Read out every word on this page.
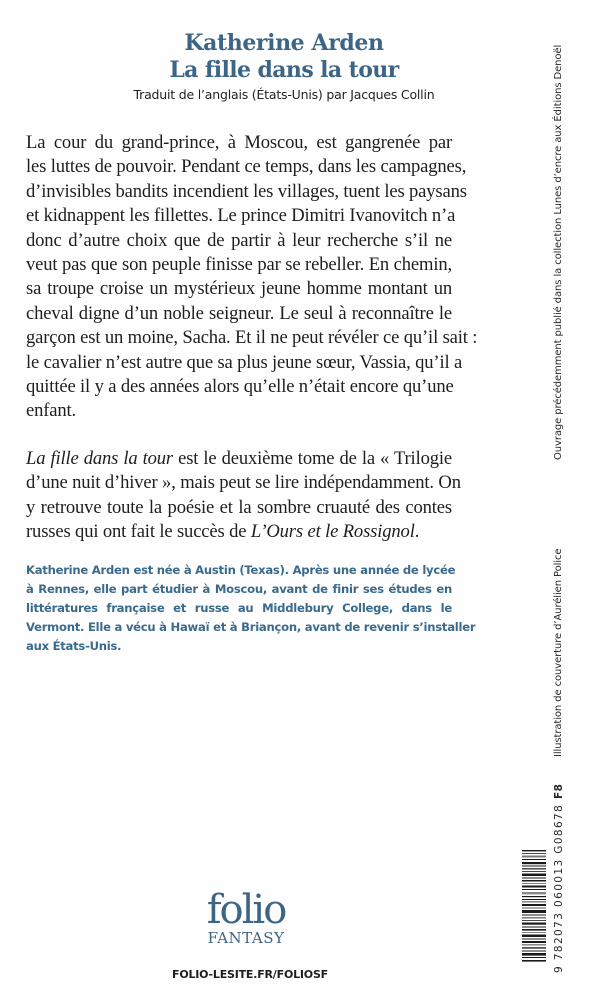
Katherine Arden
La fille dans la tour
Traduit de l’anglais (États-Unis) par Jacques Collin

La cour du grand-prince, à Moscou, est gangrenée par
les luttes de pouvoir. Pendant ce temps, dans les campagnes,
d’invisibles bandits incendient les villages, tuent les paysans
et kidnappent les fillettes. Le prince Dimitri Ivanovitch n’a
donc d’autre choix que de partir à leur recherche s’il ne
veut pas que son peuple finisse par se rebeller. En chemin,
sa troupe croise un mystérieux jeune homme montant un
cheval digne d’un noble seigneur. Le seul à reconnaître le
garçon est un moine, Sacha. Et il ne peut révéler ce qu’il sait :
le cavalier n’est autre que sa plus jeune sœur, Vassia, qu’il a
quittée il y a des années alors qu’elle n’était encore qu’une
enfant.

La fille dans la tour est le deuxième tome de la « Trilogie
d’une nuit d’hiver », mais peut se lire indépendamment. On
y retrouve toute la poésie et la sombre cruauté des contes
russes qui ont fait le succès de L’Ours et le Rossignol.

Katherine Arden est née à Austin (Texas). Après une année de lycée
à Rennes, elle part étudier à Moscou, avant de finir ses études en
littératures française et russe au Middlebury College, dans le
Vermont. Elle a vécu à Hawaï et à Briançon, avant de revenir s’installer
aux États-Unis.
folio
FANTASY
FOLIO-LESITE.FR/FOLIOSF
Ouvrage précédemment publié dans la collection Lunes d’encre aux Éditions Denoël
Illustration de couverture d’Aurélien Police
9 782073 060013 G08678 F8
